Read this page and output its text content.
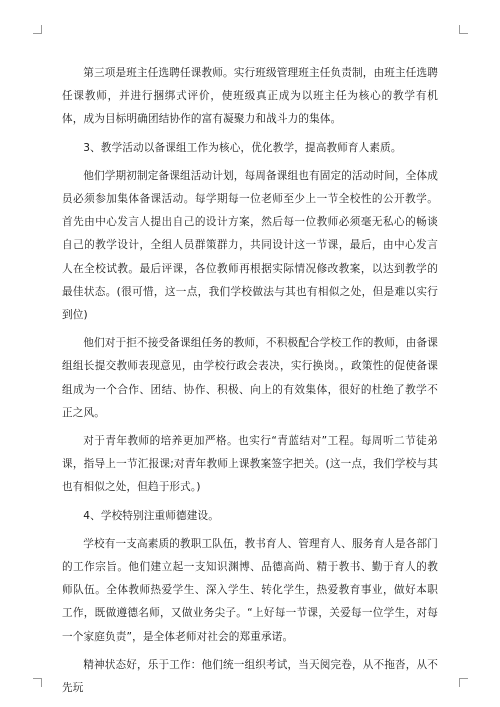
第三项是班主任选聘任课教师。实行班级管理班主任负责制，由班主任选聘任课教师，并进行捆绑式评价，使班级真正成为以班主任为核心的教学有机体，成为目标明确团结协作的富有凝聚力和战斗力的集体。

3、教学活动以备课组工作为核心，优化教学，提高教师育人素质。

他们学期初制定备课组活动计划，每周备课组也有固定的活动时间，全体成员必须参加集体备课活动。每学期每一位老师至少上一节全校性的公开教学。首先由中心发言人提出自己的设计方案，然后每一位教师必须毫无私心的畅谈自己的教学设计，全组人员群策群力，共同设计这一节课，最后，由中心发言人在全校试教。最后评课，各位教师再根据实际情况修改教案，以达到教学的最佳状态。(很可惜，这一点，我们学校做法与其也有相似之处，但是难以实行到位)

他们对于拒不接受备课组任务的教师，不积极配合学校工作的教师，由备课组组长提交教师表现意见，由学校行政会表决，实行换岗。，政策性的促使备课组成为一个合作、团结、协作、积极、向上的有效集体，很好的杜绝了教学不正之风。

对于青年教师的培养更加严格。也实行“青蓝结对”工程。每周听二节徒弟课，指导上一节汇报课;对青年教师上课教案签字把关。(这一点，我们学校与其也有相似之处，但趋于形式。)

4、学校特别注重师德建设。

学校有一支高素质的教职工队伍，教书育人、管理育人、服务育人是各部门的工作宗旨。他们建立起一支知识渊博、品德高尚、精于教书、勤于育人的教师队伍。全体教师热爱学生、深入学生、转化学生，热爱教育事业，做好本职工作，既做遵德名师，又做业务尖子。“上好每一节课，关爱每一位学生，对每一个家庭负责”，是全体老师对社会的郑重承诺。

精神状态好，乐于工作：他们统一组织考试，当天阅完卷，从不拖沓，从不先玩
